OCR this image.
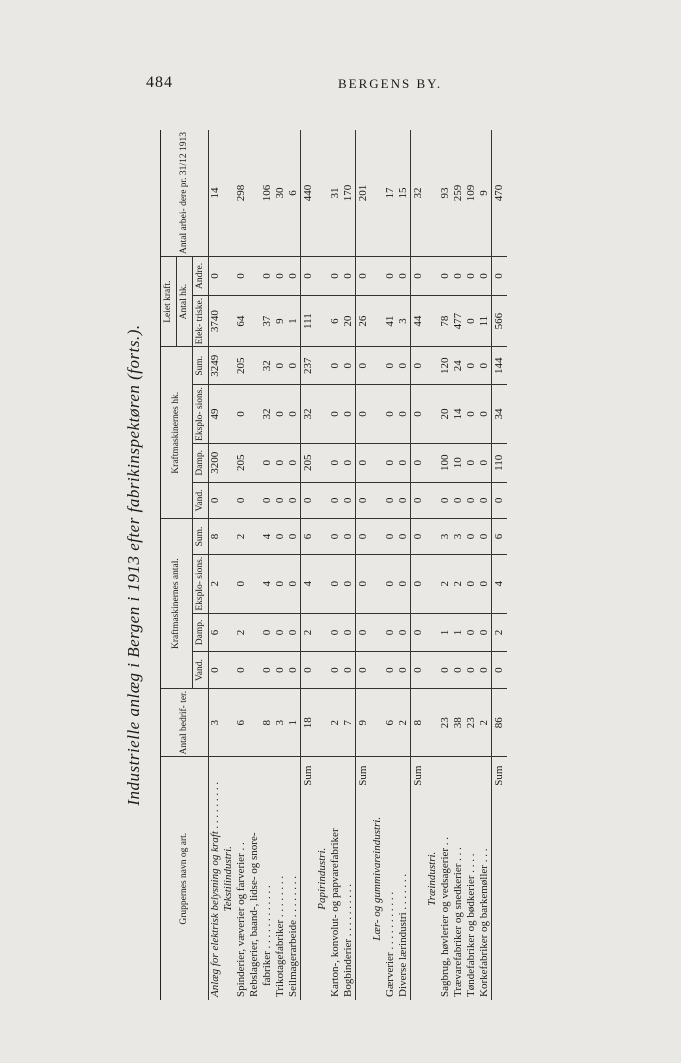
484	BERGENS BY.
Industrielle anlæg i Bergen i 1913 efter fabrikinspektøren (forts.).
Gruppernes navn og art.	Antal bedrif- ter.	Kraftmaskinernes antal.				Kraftmaskinernes hk.				Leiet kraft.		Antal arbei- dere pr. 31/12 1913
										Antal hk.		
		Vand.	Damp.	Eksplo- sions.	Sum.	Vand.	Damp.	Eksplo- sions.	Sum.	Elek- triske.	Andre.	
Anlæg for elektrisk belysning og kraft . . . . . . . . .	3	0	6	2	8	0	3200	49	3249	3740	0	14
Tekstilindustri.												
Spinderier, væverier og farverier . .	6	0	2	0	2	0	205	0	205	64	0	298
Rebslagerier, baand-, lidse- og snore-												
fabriker . . . . . . . . . . . .	8	0	0	4	4	0	0	32	32	37	0	106
Trikotagefabriker . . . . . . . .	3	0	0	0	0	0	0	0	0	9	0	30
Seilmagerarbeide . . . . . . . .	1	0	0	0	0	0	0	0	0	1	0	6
Sum	18	0	2	4	6	0	205	32	237	111	0	440
Papirindustri.												
Karton-, konvolut- og papvarefabriker	2	0	0	0	0	0	0	0	0	6	0	31
Bogbinderier . . . . . . . . . .	7	0	0	0	0	0	0	0	0	20	0	170
Sum	9	0	0	0	0	0	0	0	0	26	0	201
Lær- og gummivareindustri.												
Gærverier . . . . . . . . . . .	6	0	0	0	0	0	0	0	0	41	0	17
Diverse lærindustri . . . . . . .	2	0	0	0	0	0	0	0	0	3	0	15
Sum	8	0	0	0	0	0	0	0	0	44	0	32
Træindustri.												
Sagbrug, høvlerier og vedsagerier . .	23	0	1	2	3	0	100	20	120	78	0	93
Trævarefabriker og snedkerier . . .	38	0	1	2	3	0	10	14	24	477	0	259
Tøndefabriker og bødkerier . . . .	23	0	0	0	0	0	0	0	0	0	0	109
Korkefabriker og barkemøller . . .	2	0	0	0	0	0	0	0	0	11	0	9
Sum	86	0	2	4	6	0	110	34	144	566	0	470
